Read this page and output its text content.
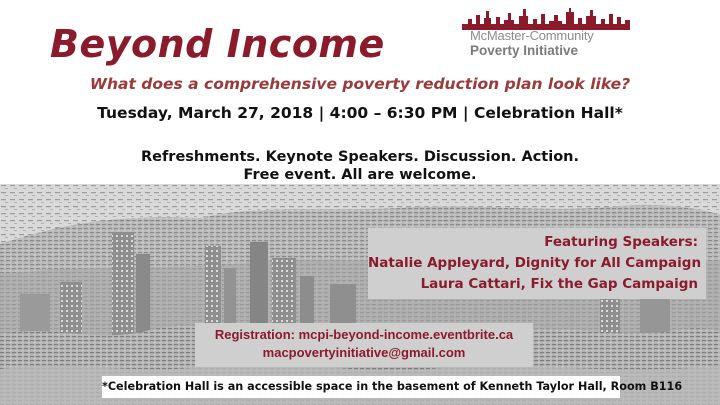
Beyond Income	McMaster-Community
Poverty Initiative
What does a comprehensive poverty reduction plan look like?
Tuesday, March 27, 2018 | 4:00 – 6:30 PM | Celebration Hall*
Refreshments. Keynote Speakers. Discussion. Action.
Free event. All are welcome.
Featuring Speakers:
Natalie Appleyard, Dignity for All Campaign
Laura Cattari, Fix the Gap Campaign
Registration: mcpi-beyond-income.eventbrite.ca
macpovertyinitiative@gmail.com
*Celebration Hall is an accessible space in the basement of Kenneth Taylor Hall, Room B116
